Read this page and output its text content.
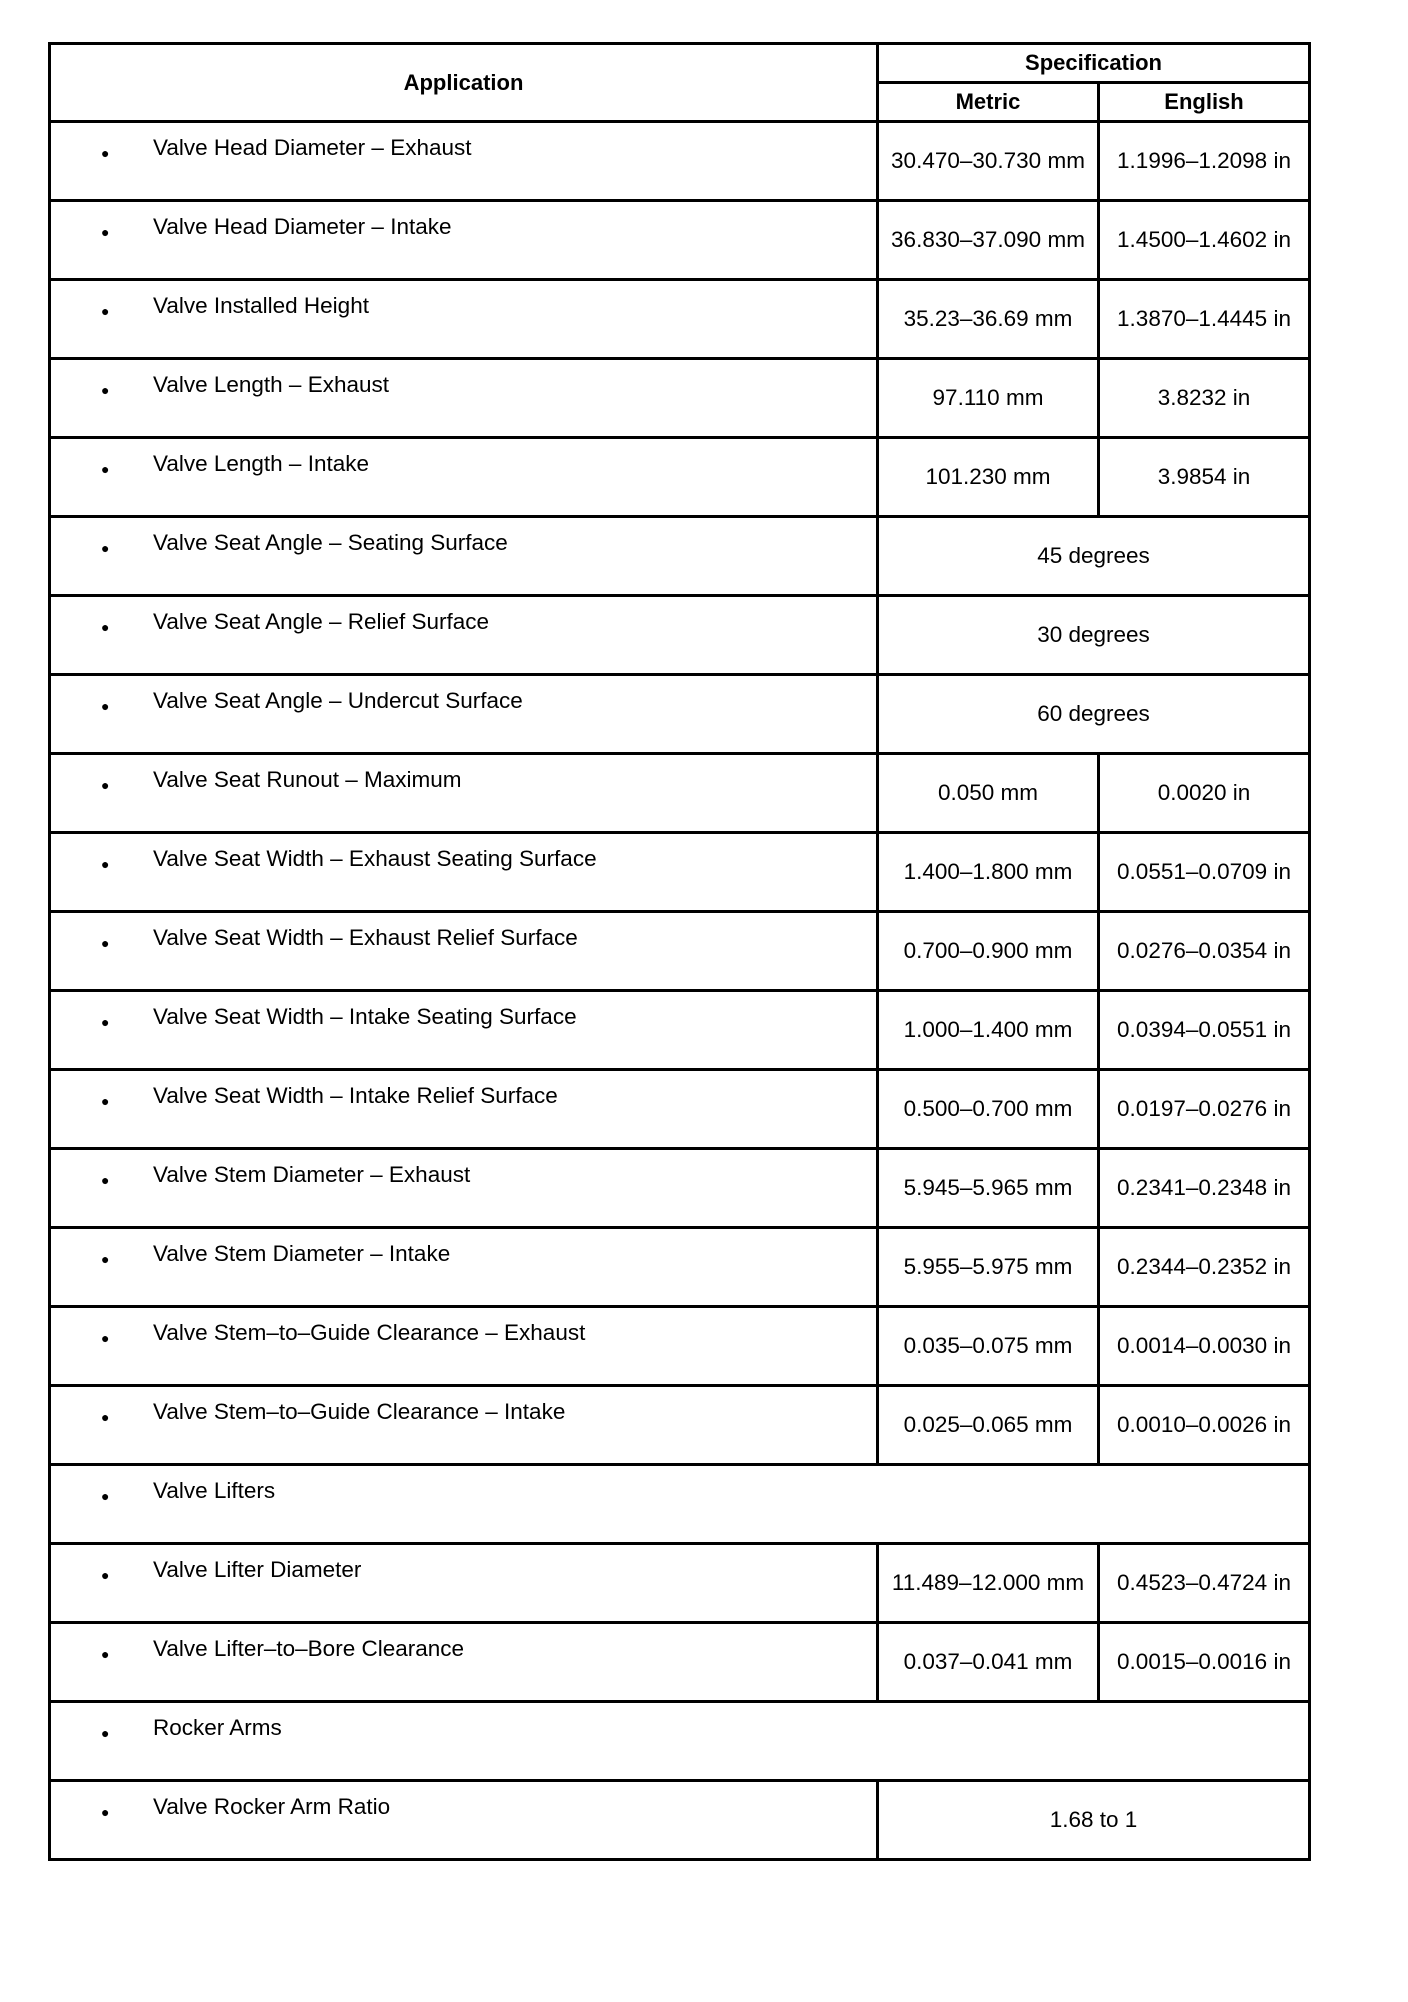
Application	Specification	
	Metric	English

● Valve Head Diameter – Exhaust	30.470–30.730 mm	1.1996–1.2098 in

● Valve Head Diameter – Intake	36.830–37.090 mm	1.4500–1.4602 in

● Valve Installed Height	35.23–36.69 mm	1.3870–1.4445 in

● Valve Length – Exhaust	97.110 mm	3.8232 in

● Valve Length – Intake	101.230 mm	3.9854 in

● Valve Seat Angle – Seating Surface	45 degrees	

● Valve Seat Angle – Relief Surface	30 degrees	

● Valve Seat Angle – Undercut Surface	60 degrees	

● Valve Seat Runout – Maximum	0.050 mm	0.0020 in

● Valve Seat Width – Exhaust Seating Surface	1.400–1.800 mm	0.0551–0.0709 in

● Valve Seat Width – Exhaust Relief Surface	0.700–0.900 mm	0.0276–0.0354 in

● Valve Seat Width – Intake Seating Surface	1.000–1.400 mm	0.0394–0.0551 in

● Valve Seat Width – Intake Relief Surface	0.500–0.700 mm	0.0197–0.0276 in

● Valve Stem Diameter – Exhaust	5.945–5.965 mm	0.2341–0.2348 in

● Valve Stem Diameter – Intake	5.955–5.975 mm	0.2344–0.2352 in

● Valve Stem–to–Guide Clearance – Exhaust	0.035–0.075 mm	0.0014–0.0030 in

● Valve Stem–to–Guide Clearance – Intake	0.025–0.065 mm	0.0010–0.0026 in

● Valve Lifters		

● Valve Lifter Diameter	11.489–12.000 mm	0.4523–0.4724 in

● Valve Lifter–to–Bore Clearance	0.037–0.041 mm	0.0015–0.0016 in

● Rocker Arms		

● Valve Rocker Arm Ratio	1.68 to 1	
